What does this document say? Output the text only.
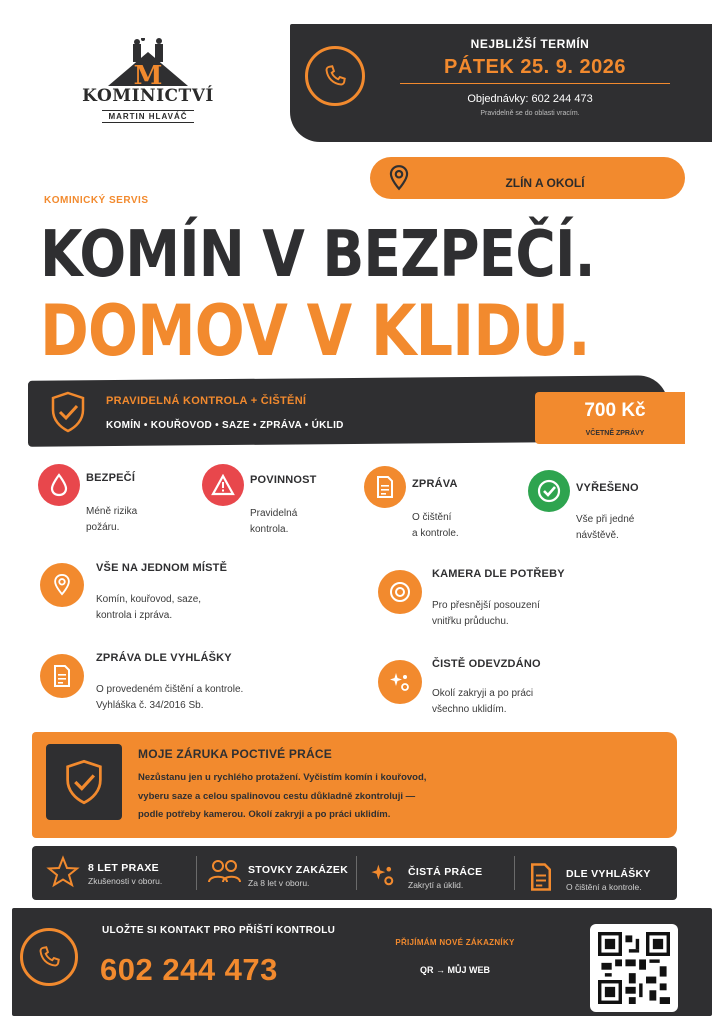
M
KOMINICTVÍ
MARTIN HLAVÁČ
NEJBLIŽŠÍ TERMÍN
PÁTEK 25. 9. 2026
Objednávky: 602 244 473
Pravidelně se do oblasti vracím.
ZLÍN A OKOLÍ
KOMINICKÝ SERVIS
KOMÍN V BEZPEČÍ.
DOMOV V KLIDU.
PRAVIDELNÁ KONTROLA + ČIŠTĚNÍ
KOMÍN • KOUŘOVOD • SAZE • ZPRÁVA • ÚKLID
700 Kč
VČETNĚ ZPRÁVY
BEZPEČÍ
Méně rizika
požáru.
POVINNOST
Pravidelná
kontrola.
ZPRÁVA
O čištění
a kontrole.
VYŘEŠENO
Vše při jedné
návštěvě.
VŠE NA JEDNOM MÍSTĚ
Komín, kouřovod, saze,
kontrola i zpráva.
KAMERA DLE POTŘEBY
Pro přesnější posouzení
vnitřku průduchu.
ZPRÁVA DLE VYHLÁŠKY
O provedeném čištění a kontrole.
Vyhláška č. 34/2016 Sb.
ČISTĚ ODEVZDÁNO
Okolí zakryji a po práci
všechno uklidím.
MOJE ZÁRUKA POCTIVÉ PRÁCE
Nezůstanu jen u rychlého protažení. Vyčistím komín i kouřovod,
vyberu saze a celou spalinovou cestu důkladně zkontroluji —
podle potřeby kamerou. Okolí zakryji a po práci uklidím.
8 LET PRAXE
Zkušenosti v oboru.
STOVKY ZAKÁZEK
Za 8 let v oboru.
ČISTÁ PRÁCE
Zakrytí a úklid.
DLE VYHLÁŠKY
O čištění a kontrole.
ULOŽTE SI KONTAKT PRO PŘÍŠTÍ KONTROLU
602 244 473
PŘIJÍMÁM NOVÉ ZÁKAZNÍKY
QR → MŮJ WEB
